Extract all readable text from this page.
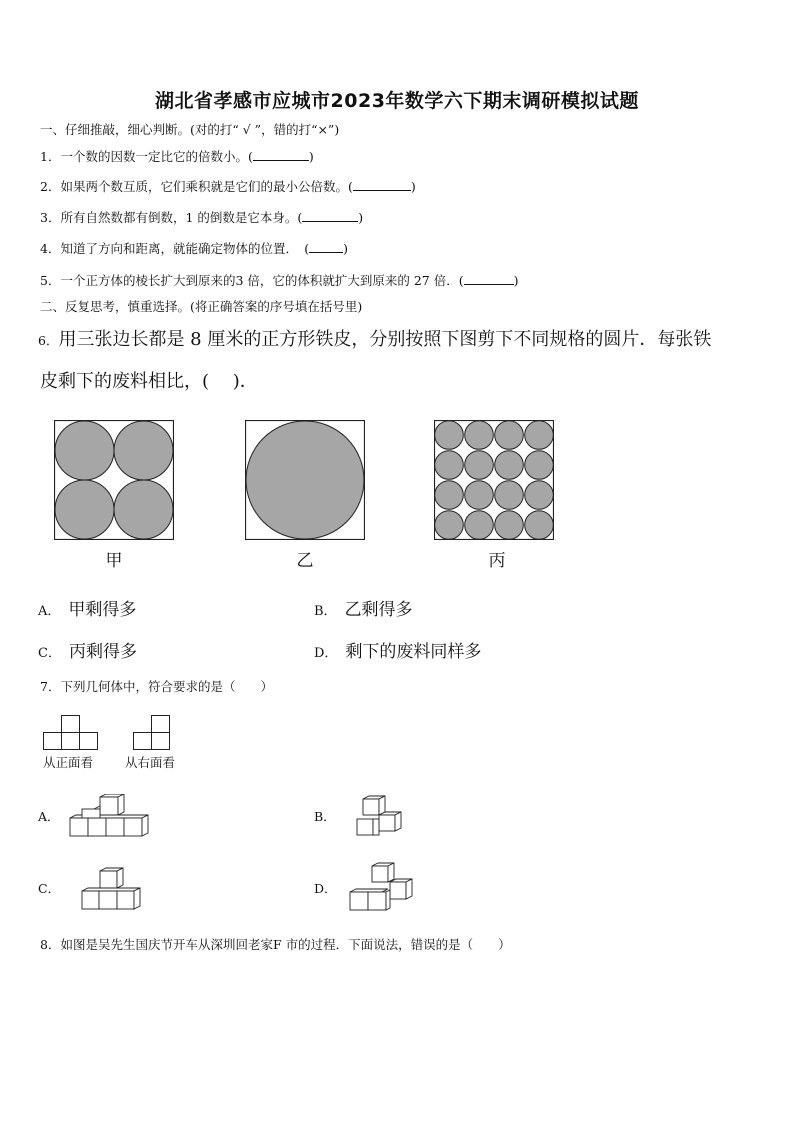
湖北省孝感市应城市2023年数学六下期末调研模拟试题
一、仔细推敲，细心判断。(对的打“ √ ”，错的打“×”)
1．一个数的因数一定比它的倍数小。(	)
2．如果两个数互质，它们乘积就是它们的最小公倍数。(	)
3．所有自然数都有倒数，1 的倒数是它本身。(	)
4．知道了方向和距离，就能确定物体的位置．　(	)
5．一个正方体的棱长扩大到原来的3 倍，它的体积就扩大到原来的 27 倍．(	)
二、反复思考，慎重选择。(将正确答案的序号填在括号里)
6．用三张边长都是 8 厘米的正方形铁皮，分别按照下图剪下不同规格的圆片．每张铁
皮剩下的废料相比，(　 )．
甲	乙	丙
A． 甲剩得多	B． 乙剩得多
C． 丙剩得多	D． 剩下的废料同样多
7．下列几何体中，符合要求的是（　　）
从正面看	从右面看
A．	B．
C．	D．
8．如图是吴先生国庆节开车从深圳回老家F 市的过程．下面说法，错误的是（　　）
